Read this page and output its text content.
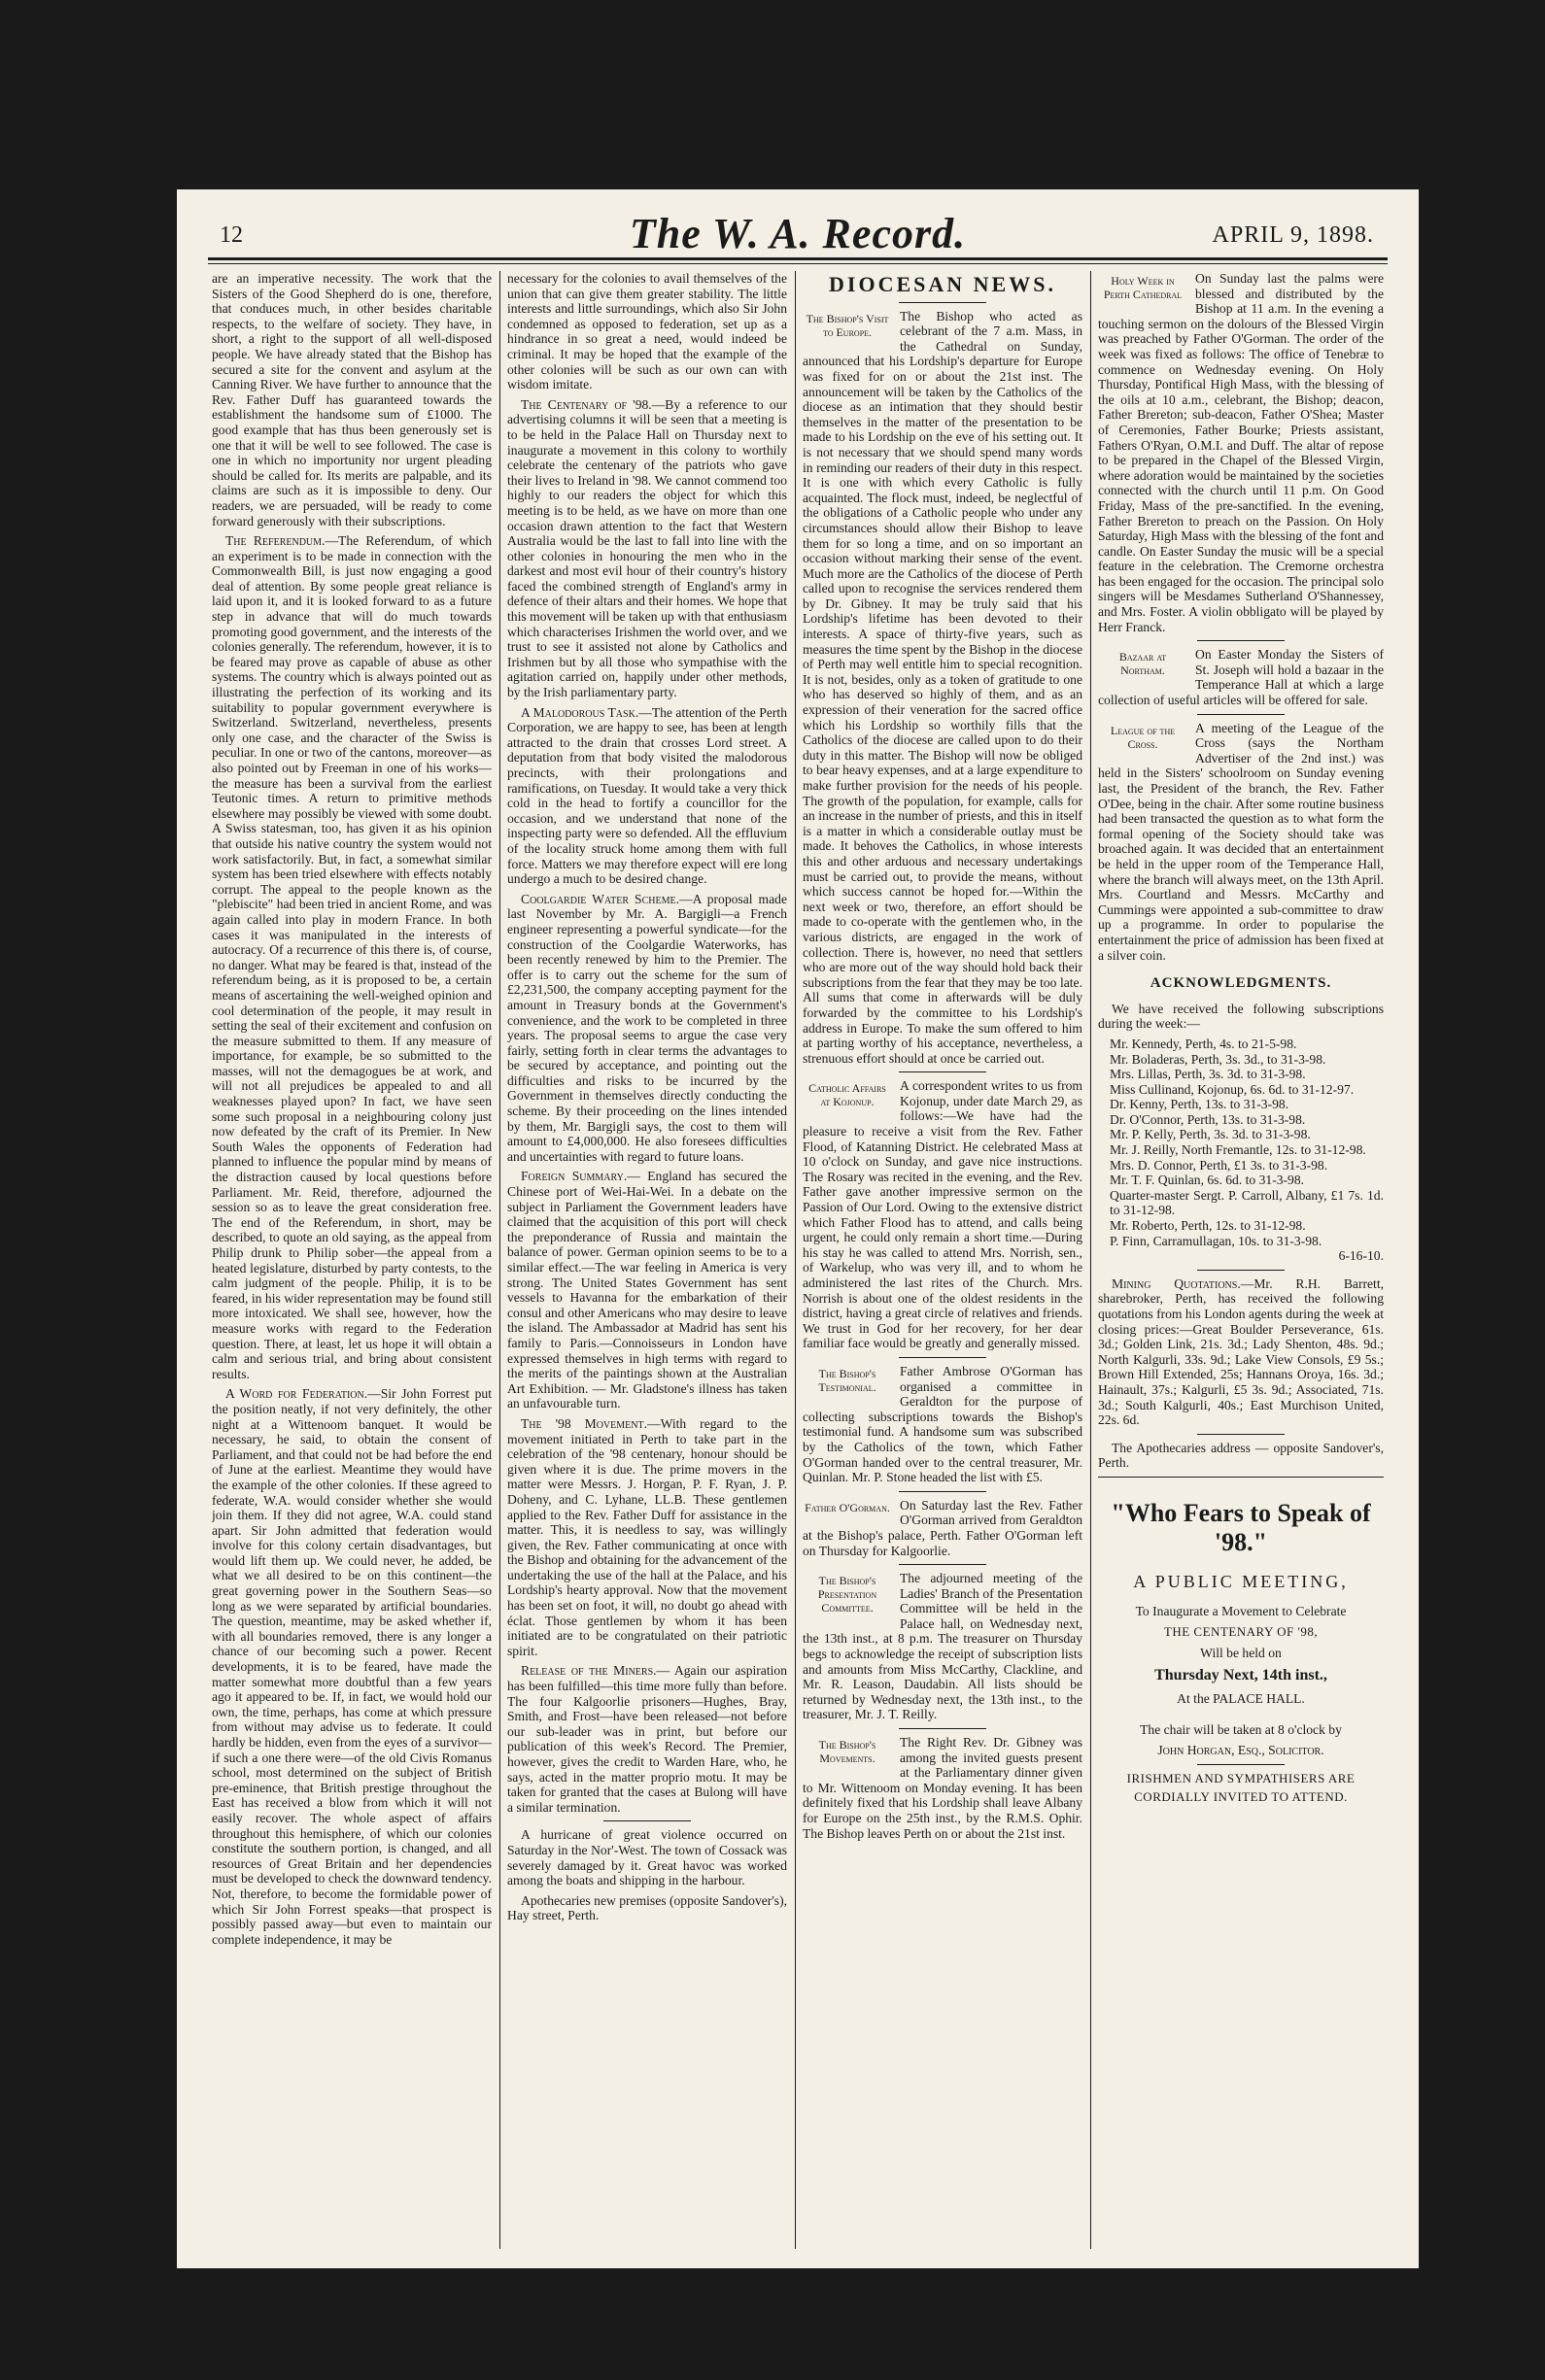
12	The W. A. Record.	APRIL 9, 1898.

are an imperative necessity. The work that the Sisters of the Good Shepherd do is one, therefore, that conduces much, in other besides charitable respects, to the welfare of society. They have, in short, a right to the support of all well-disposed people. We have already stated that the Bishop has secured a site for the convent and asylum at the Canning River. We have further to announce that the Rev. Father Duff has guaranteed towards the establishment the handsome sum of £1000. The good example that has thus been generously set is one that it will be well to see followed. The case is one in which no importunity nor urgent pleading should be called for. Its merits are palpable, and its claims are such as it is impossible to deny. Our readers, we are persuaded, will be ready to come forward generously with their subscriptions.

The Referendum.—The Referendum, of which an experiment is to be made in connection with the Commonwealth Bill, is just now engaging a good deal of attention. By some people great reliance is laid upon it, and it is looked forward to as a future step in advance that will do much towards promoting good government, and the interests of the colonies generally. The referendum, however, it is to be feared may prove as capable of abuse as other systems. The country which is always pointed out as illustrating the perfection of its working and its suitability to popular government everywhere is Switzerland. Switzerland, nevertheless, presents only one case, and the character of the Swiss is peculiar. In one or two of the cantons, moreover—as also pointed out by Freeman in one of his works—the measure has been a survival from the earliest Teutonic times. A return to primitive methods elsewhere may possibly be viewed with some doubt. A Swiss statesman, too, has given it as his opinion that outside his native country the system would not work satisfactorily. But, in fact, a somewhat similar system has been tried elsewhere with effects notably corrupt. The appeal to the people known as the "plebiscite" had been tried in ancient Rome, and was again called into play in modern France. In both cases it was manipulated in the interests of autocracy. Of a recurrence of this there is, of course, no danger. What may be feared is that, instead of the referendum being, as it is proposed to be, a certain means of ascertaining the well-weighed opinion and cool determination of the people, it may result in setting the seal of their excitement and confusion on the measure submitted to them. If any measure of importance, for example, be so submitted to the masses, will not the demagogues be at work, and will not all prejudices be appealed to and all weaknesses played upon? In fact, we have seen some such proposal in a neighbouring colony just now defeated by the craft of its Premier. In New South Wales the opponents of Federation had planned to influence the popular mind by means of the distraction caused by local questions before Parliament. Mr. Reid, therefore, adjourned the session so as to leave the great consideration free. The end of the Referendum, in short, may be described, to quote an old saying, as the appeal from Philip drunk to Philip sober—the appeal from a heated legislature, disturbed by party contests, to the calm judgment of the people. Philip, it is to be feared, in his wider representation may be found still more intoxicated. We shall see, however, how the measure works with regard to the Federation question. There, at least, let us hope it will obtain a calm and serious trial, and bring about consistent results.

A Word for Federation.—Sir John Forrest put the position neatly, if not very definitely, the other night at a Wittenoom banquet. It would be necessary, he said, to obtain the consent of Parliament, and that could not be had before the end of June at the earliest. Meantime they would have the example of the other colonies. If these agreed to federate, W.A. would consider whether she would join them. If they did not agree, W.A. could stand apart. Sir John admitted that federation would involve for this colony certain disadvantages, but would lift them up. We could never, he added, be what we all desired to be on this continent—the great governing power in the Southern Seas—so long as we were separated by artificial boundaries. The question, meantime, may be asked whether if, with all boundaries removed, there is any longer a chance of our becoming such a power. Recent developments, it is to be feared, have made the matter somewhat more doubtful than a few years ago it appeared to be. If, in fact, we would hold our own, the time, perhaps, has come at which pressure from without may advise us to federate. It could hardly be hidden, even from the eyes of a survivor—if such a one there were—of the old Civis Romanus school, most determined on the subject of British pre-eminence, that British prestige throughout the East has received a blow from which it will not easily recover. The whole aspect of affairs throughout this hemisphere, of which our colonies constitute the southern portion, is changed, and all resources of Great Britain and her dependencies must be developed to check the downward tendency. Not, therefore, to become the formidable power of which Sir John Forrest speaks—that prospect is possibly passed away—but even to maintain our complete independence, it may be

necessary for the colonies to avail themselves of the union that can give them greater stability. The little interests and little surroundings, which also Sir John condemned as opposed to federation, set up as a hindrance in so great a need, would indeed be criminal. It may be hoped that the example of the other colonies will be such as our own can with wisdom imitate.

The Centenary of '98.—By a reference to our advertising columns it will be seen that a meeting is to be held in the Palace Hall on Thursday next to inaugurate a movement in this colony to worthily celebrate the centenary of the patriots who gave their lives to Ireland in '98. We cannot commend too highly to our readers the object for which this meeting is to be held, as we have on more than one occasion drawn attention to the fact that Western Australia would be the last to fall into line with the other colonies in honouring the men who in the darkest and most evil hour of their country's history faced the combined strength of England's army in defence of their altars and their homes. We hope that this movement will be taken up with that enthusiasm which characterises Irishmen the world over, and we trust to see it assisted not alone by Catholics and Irishmen but by all those who sympathise with the agitation carried on, happily under other methods, by the Irish parliamentary party.

A Malodorous Task.—The attention of the Perth Corporation, we are happy to see, has been at length attracted to the drain that crosses Lord street. A deputation from that body visited the malodorous precincts, with their prolongations and ramifications, on Tuesday. It would take a very thick cold in the head to fortify a councillor for the occasion, and we understand that none of the inspecting party were so defended. All the effluvium of the locality struck home among them with full force. Matters we may therefore expect will ere long undergo a much to be desired change.

Coolgardie Water Scheme.—A proposal made last November by Mr. A. Bargigli—a French engineer representing a powerful syndicate—for the construction of the Coolgardie Waterworks, has been recently renewed by him to the Premier. The offer is to carry out the scheme for the sum of £2,231,500, the company accepting payment for the amount in Treasury bonds at the Government's convenience, and the work to be completed in three years. The proposal seems to argue the case very fairly, setting forth in clear terms the advantages to be secured by acceptance, and pointing out the difficulties and risks to be incurred by the Government in themselves directly conducting the scheme. By their proceeding on the lines intended by them, Mr. Bargigli says, the cost to them will amount to £4,000,000. He also foresees difficulties and uncertainties with regard to future loans.

Foreign Summary.— England has secured the Chinese port of Wei-Hai-Wei. In a debate on the subject in Parliament the Government leaders have claimed that the acquisition of this port will check the preponderance of Russia and maintain the balance of power. German opinion seems to be to a similar effect.—The war feeling in America is very strong. The United States Government has sent vessels to Havanna for the embarkation of their consul and other Americans who may desire to leave the island. The Ambassador at Madrid has sent his family to Paris.—Connoisseurs in London have expressed themselves in high terms with regard to the merits of the paintings shown at the Australian Art Exhibition. — Mr. Gladstone's illness has taken an unfavourable turn.

The '98 Movement.—With regard to the movement initiated in Perth to take part in the celebration of the '98 centenary, honour should be given where it is due. The prime movers in the matter were Messrs. J. Horgan, P. F. Ryan, J. P. Doheny, and C. Lyhane, LL.B. These gentlemen applied to the Rev. Father Duff for assistance in the matter. This, it is needless to say, was willingly given, the Rev. Father communicating at once with the Bishop and obtaining for the advancement of the undertaking the use of the hall at the Palace, and his Lordship's hearty approval. Now that the movement has been set on foot, it will, no doubt go ahead with éclat. Those gentlemen by whom it has been initiated are to be congratulated on their patriotic spirit.

Release of the Miners.— Again our aspiration has been fulfilled—this time more fully than before. The four Kalgoorlie prisoners—Hughes, Bray, Smith, and Frost—have been released—not before our sub-leader was in print, but before our publication of this week's Record. The Premier, however, gives the credit to Warden Hare, who, he says, acted in the matter proprio motu. It may be taken for granted that the cases at Bulong will have a similar termination.

A hurricane of great violence occurred on Saturday in the Nor'-West. The town of Cossack was severely damaged by it. Great havoc was worked among the boats and shipping in the harbour.

Apothecaries new premises (opposite Sandover's), Hay street, Perth.

DIOCESAN NEWS.

The Bishop's Visit to Europe.
The Bishop who acted as celebrant of the 7 a.m. Mass, in the Cathedral on Sunday, announced that his Lordship's departure for Europe was fixed for on or about the 21st inst. The announcement will be taken by the Catholics of the diocese as an intimation that they should bestir themselves in the matter of the presentation to be made to his Lordship on the eve of his setting out. It is not necessary that we should spend many words in reminding our readers of their duty in this respect. It is one with which every Catholic is fully acquainted. The flock must, indeed, be neglectful of the obligations of a Catholic people who under any circumstances should allow their Bishop to leave them for so long a time, and on so important an occasion without marking their sense of the event. Much more are the Catholics of the diocese of Perth called upon to recognise the services rendered them by Dr. Gibney. It may be truly said that his Lordship's lifetime has been devoted to their interests. A space of thirty-five years, such as measures the time spent by the Bishop in the diocese of Perth may well entitle him to special recognition. It is not, besides, only as a token of gratitude to one who has deserved so highly of them, and as an expression of their veneration for the sacred office which his Lordship so worthily fills that the Catholics of the diocese are called upon to do their duty in this matter. The Bishop will now be obliged to bear heavy expenses, and at a large expenditure to make further provision for the needs of his people. The growth of the population, for example, calls for an increase in the number of priests, and this in itself is a matter in which a considerable outlay must be made. It behoves the Catholics, in whose interests this and other arduous and necessary undertakings must be carried out, to provide the means, without which success cannot be hoped for.—Within the next week or two, therefore, an effort should be made to co-operate with the gentlemen who, in the various districts, are engaged in the work of collection. There is, however, no need that settlers who are more out of the way should hold back their subscriptions from the fear that they may be too late. All sums that come in afterwards will be duly forwarded by the committee to his Lordship's address in Europe. To make the sum offered to him at parting worthy of his acceptance, nevertheless, a strenuous effort should at once be carried out.

Catholic Affairs at Kojonup.
A correspondent writes to us from Kojonup, under date March 29, as follows:—We have had the pleasure to receive a visit from the Rev. Father Flood, of Katanning District. He celebrated Mass at 10 o'clock on Sunday, and gave nice instructions. The Rosary was recited in the evening, and the Rev. Father gave another impressive sermon on the Passion of Our Lord. Owing to the extensive district which Father Flood has to attend, and calls being urgent, he could only remain a short time.—During his stay he was called to attend Mrs. Norrish, sen., of Warkelup, who was very ill, and to whom he administered the last rites of the Church. Mrs. Norrish is about one of the oldest residents in the district, having a great circle of relatives and friends. We trust in God for her recovery, for her dear familiar face would be greatly and generally missed.

The Bishop's Testimonial.
Father Ambrose O'Gorman has organised a committee in Geraldton for the purpose of collecting subscriptions towards the Bishop's testimonial fund. A handsome sum was subscribed by the Catholics of the town, which Father O'Gorman handed over to the central treasurer, Mr. Quinlan. Mr. P. Stone headed the list with £5.

Father O'Gorman. On Saturday last the Rev. Father O'Gorman arrived from Geraldton at the Bishop's palace, Perth. Father O'Gorman left on Thursday for Kalgoorlie.

The Bishop's Presentation Committee.
The adjourned meeting of the Ladies' Branch of the Presentation Committee will be held in the Palace hall, on Wednesday next, the 13th inst., at 8 p.m. The treasurer on Thursday begs to acknowledge the receipt of subscription lists and amounts from Miss McCarthy, Clackline, and Mr. R. Leason, Daudabin. All lists should be returned by Wednesday next, the 13th inst., to the treasurer, Mr. J. T. Reilly.

The Bishop's Movements.
The Right Rev. Dr. Gibney was among the invited guests present at the Parliamentary dinner given to Mr. Wittenoom on Monday evening. It has been definitely fixed that his Lordship shall leave Albany for Europe on the 25th inst., by the R.M.S. Ophir. The Bishop leaves Perth on or about the 21st inst.

Holy Week in Perth Cathedral
On Sunday last the palms were blessed and distributed by the Bishop at 11 a.m. In the evening a touching sermon on the dolours of the Blessed Virgin was preached by Father O'Gorman. The order of the week was fixed as follows: The office of Tenebræ to commence on Wednesday evening. On Holy Thursday, Pontifical High Mass, with the blessing of the oils at 10 a.m., celebrant, the Bishop; deacon, Father Brereton; sub-deacon, Father O'Shea; Master of Ceremonies, Father Bourke; Priests assistant, Fathers O'Ryan, O.M.I. and Duff. The altar of repose to be prepared in the Chapel of the Blessed Virgin, where adoration would be maintained by the societies connected with the church until 11 p.m. On Good Friday, Mass of the pre-sanctified. In the evening, Father Brereton to preach on the Passion. On Holy Saturday, High Mass with the blessing of the font and candle. On Easter Sunday the music will be a special feature in the celebration. The Cremorne orchestra has been engaged for the occasion. The principal solo singers will be Mesdames Sutherland O'Shannessey, and Mrs. Foster. A violin obbligato will be played by Herr Franck.

Bazaar at Northam.
On Easter Monday the Sisters of St. Joseph will hold a bazaar in the Temperance Hall at which a large collection of useful articles will be offered for sale.

League of the Cross.
A meeting of the League of the Cross (says the Northam Advertiser of the 2nd inst.) was held in the Sisters' schoolroom on Sunday evening last, the President of the branch, the Rev. Father O'Dee, being in the chair. After some routine business had been transacted the question as to what form the formal opening of the Society should take was broached again. It was decided that an entertainment be held in the upper room of the Temperance Hall, where the branch will always meet, on the 13th April. Mrs. Courtland and Messrs. McCarthy and Cummings were appointed a sub-committee to draw up a programme. In order to popularise the entertainment the price of admission has been fixed at a silver coin.

ACKNOWLEDGMENTS.

We have received the following subscriptions during the week:—

Mr. Kennedy, Perth, 4s. to 21-5-98.
Mr. Boladeras, Perth, 3s. 3d., to 31-3-98.
Mrs. Lillas, Perth, 3s. 3d. to 31-3-98.
Miss Cullinand, Kojonup, 6s. 6d. to 31-12-97.
Dr. Kenny, Perth, 13s. to 31-3-98.
Dr. O'Connor, Perth, 13s. to 31-3-98.
Mr. P. Kelly, Perth, 3s. 3d. to 31-3-98.
Mr. J. Reilly, North Fremantle, 12s. to 31-12-98.
Mrs. D. Connor, Perth, £1 3s. to 31-3-98.
Mr. T. F. Quinlan, 6s. 6d. to 31-3-98.
Quarter-master Sergt. P. Carroll, Albany, £1 7s. 1d. to 31-12-98.
Mr. Roberto, Perth, 12s. to 31-12-98.
P. Finn, Carramullagan, 10s. to 31-3-98.

6-16-10.

Mining Quotations.—Mr. R.H. Barrett, sharebroker, Perth, has received the following quotations from his London agents during the week at closing prices:—Great Boulder Perseverance, 61s. 3d.; Golden Link, 21s. 3d.; Lady Shenton, 48s. 9d.; North Kalgurli, 33s. 9d.; Lake View Consols, £9 5s.; Brown Hill Extended, 25s; Hannans Oroya, 16s. 3d.; Hainault, 37s.; Kalgurli, £5 3s. 9d.; Associated, 71s. 3d.; South Kalgurli, 40s.; East Murchison United, 22s. 6d.

The Apothecaries address — opposite Sandover's, Perth.

"Who Fears to Speak of '98."
A PUBLIC MEETING,
To Inaugurate a Movement to Celebrate
THE CENTENARY OF '98,
Will be held on
Thursday Next, 14th inst.,
At the PALACE HALL.
The chair will be taken at 8 o'clock by
John Horgan, Esq., Solicitor.
IRISHMEN AND SYMPATHISERS ARE
CORDIALLY INVITED TO ATTEND.
